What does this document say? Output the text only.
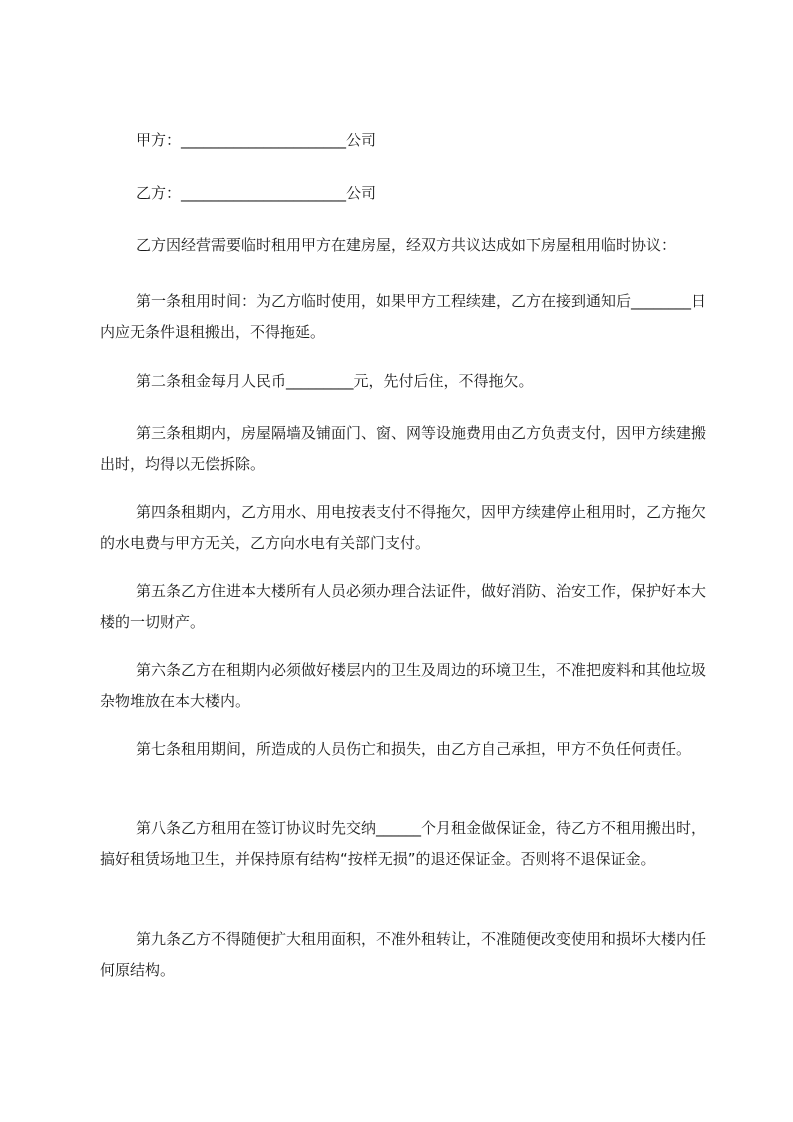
甲方：______________________公司

乙方：______________________公司

乙方因经营需要临时租用甲方在建房屋，经双方共议达成如下房屋租用临时协议：

第一条租用时间：为乙方临时使用，如果甲方工程续建，乙方在接到通知后________日内应无条件退租搬出，不得拖延。

第二条租金每月人民币_________元，先付后住，不得拖欠。

第三条租期内，房屋隔墙及铺面门、窗、网等设施费用由乙方负责支付，因甲方续建搬出时，均得以无偿拆除。

第四条租期内，乙方用水、用电按表支付不得拖欠，因甲方续建停止租用时，乙方拖欠的水电费与甲方无关，乙方向水电有关部门支付。

第五条乙方住进本大楼所有人员必须办理合法证件，做好消防、治安工作，保护好本大楼的一切财产。

第六条乙方在租期内必须做好楼层内的卫生及周边的环境卫生，不准把废料和其他垃圾杂物堆放在本大楼内。

第七条租用期间，所造成的人员伤亡和损失，由乙方自己承担，甲方不负任何责任。

第八条乙方租用在签订协议时先交纳______个月租金做保证金，待乙方不租用搬出时，搞好租赁场地卫生，并保持原有结构“按样无损”的退还保证金。否则将不退保证金。

第九条乙方不得随便扩大租用面积，不准外租转让，不准随便改变使用和损坏大楼内任何原结构。
